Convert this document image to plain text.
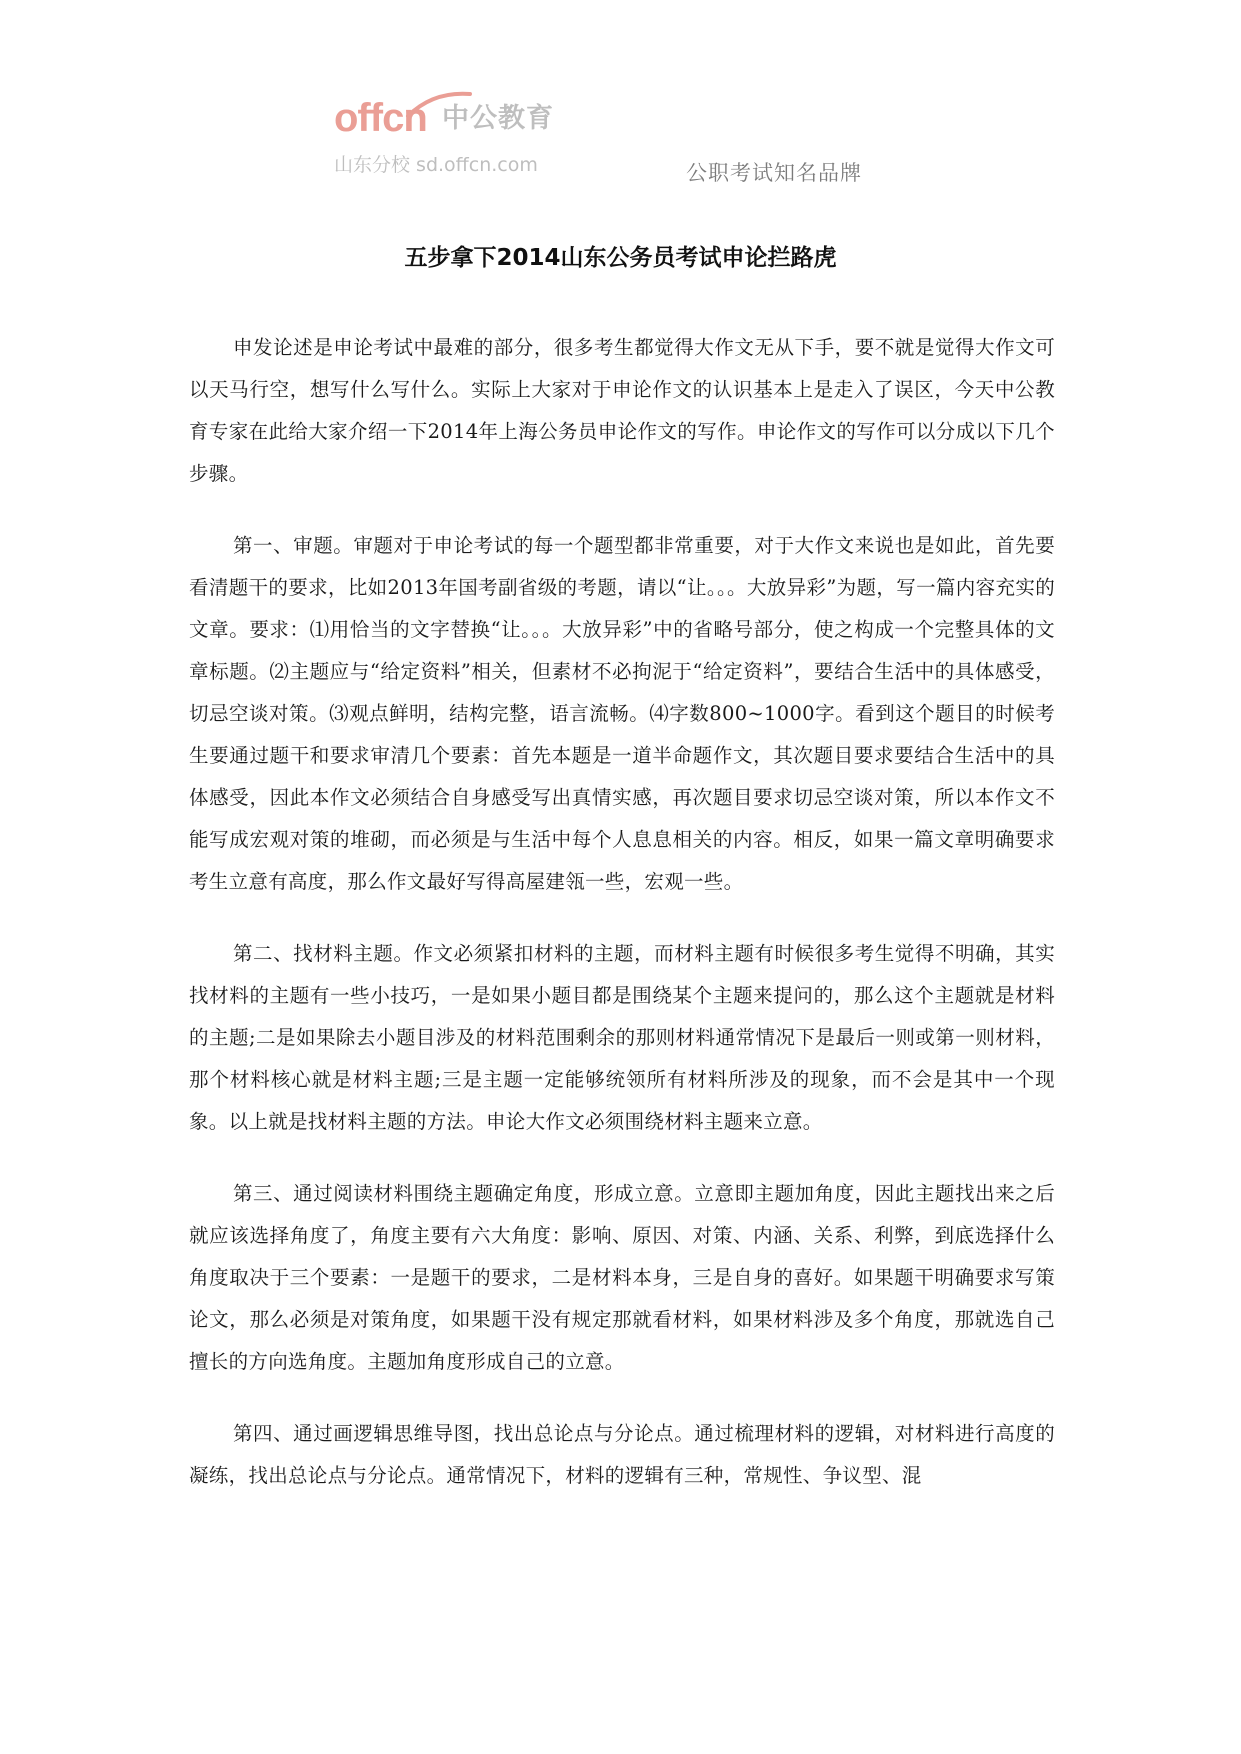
offcn 中公教育
山东分校 sd.offcn.com	公职考试知名品牌
五步拿下2014山东公务员考试申论拦路虎

申发论述是申论考试中最难的部分，很多考生都觉得大作文无从下手，要不就是觉得大作文可以天马行空，想写什么写什么。实际上大家对于申论作文的认识基本上是走入了误区，今天中公教育专家在此给大家介绍一下2014年上海公务员申论作文的写作。申论作文的写作可以分成以下几个步骤。

第一、审题。审题对于申论考试的每一个题型都非常重要，对于大作文来说也是如此，首先要看清题干的要求，比如2013年国考副省级的考题，请以“让。。。大放异彩”为题，写一篇内容充实的文章。要求：⑴用恰当的文字替换“让。。。大放异彩”中的省略号部分，使之构成一个完整具体的文章标题。⑵主题应与“给定资料”相关，但素材不必拘泥于“给定资料”，要结合生活中的具体感受，切忌空谈对策。⑶观点鲜明，结构完整，语言流畅。⑷字数800~1000字。看到这个题目的时候考生要通过题干和要求审清几个要素：首先本题是一道半命题作文，其次题目要求要结合生活中的具体感受，因此本作文必须结合自身感受写出真情实感，再次题目要求切忌空谈对策，所以本作文不能写成宏观对策的堆砌，而必须是与生活中每个人息息相关的内容。相反，如果一篇文章明确要求考生立意有高度，那么作文最好写得高屋建瓴一些，宏观一些。

第二、找材料主题。作文必须紧扣材料的主题，而材料主题有时候很多考生觉得不明确，其实找材料的主题有一些小技巧，一是如果小题目都是围绕某个主题来提问的，那么这个主题就是材料的主题;二是如果除去小题目涉及的材料范围剩余的那则材料通常情况下是最后一则或第一则材料，那个材料核心就是材料主题;三是主题一定能够统领所有材料所涉及的现象，而不会是其中一个现象。以上就是找材料主题的方法。申论大作文必须围绕材料主题来立意。

第三、通过阅读材料围绕主题确定角度，形成立意。立意即主题加角度，因此主题找出来之后就应该选择角度了，角度主要有六大角度：影响、原因、对策、内涵、关系、利弊，到底选择什么角度取决于三个要素：一是题干的要求，二是材料本身，三是自身的喜好。如果题干明确要求写策论文，那么必须是对策角度，如果题干没有规定那就看材料，如果材料涉及多个角度，那就选自己擅长的方向选角度。主题加角度形成自己的立意。

第四、通过画逻辑思维导图，找出总论点与分论点。通过梳理材料的逻辑，对材料进行高度的凝练，找出总论点与分论点。通常情况下，材料的逻辑有三种，常规性、争议型、混
